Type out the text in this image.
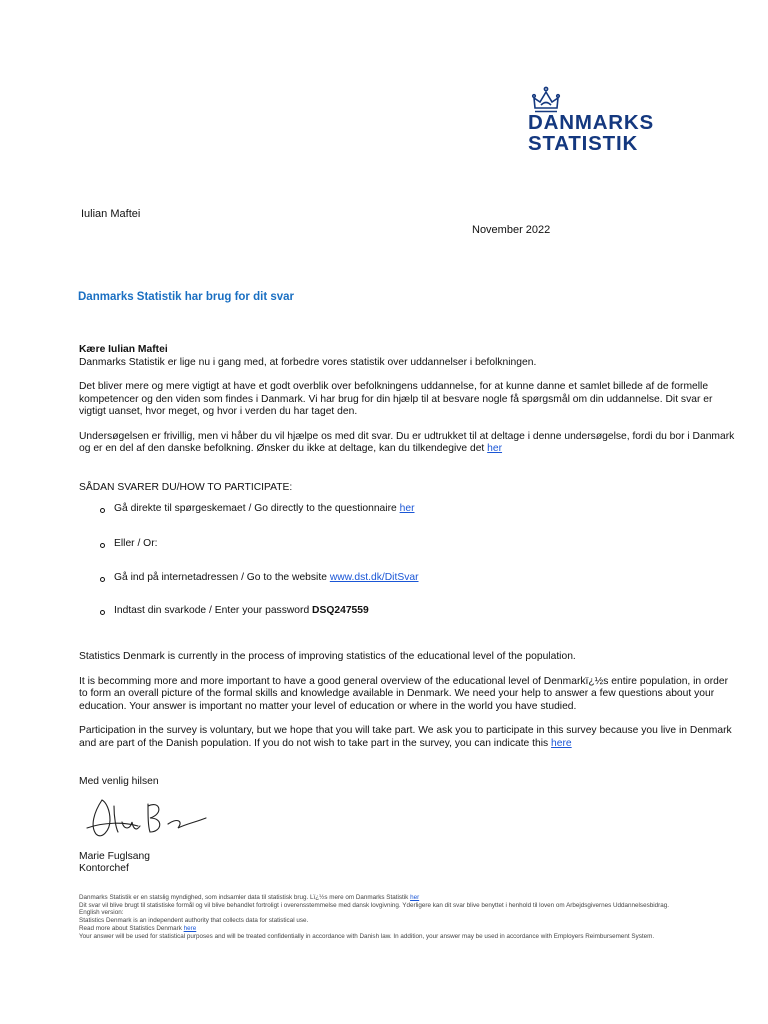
DANMARKS
STATISTIK
Iulian Maftei
November 2022
Danmarks Statistik har brug for dit svar

Kære Iulian Maftei

Danmarks Statistik er lige nu i gang med, at forbedre vores statistik over uddannelser i befolkningen.

Det bliver mere og mere vigtigt at have et godt overblik over befolkningens uddannelse, for at kunne danne et samlet billede af de formelle kompetencer og den viden som findes i Danmark. Vi har brug for din hjælp til at besvare nogle få spørgsmål om din uddannelse. Dit svar er vigtigt uanset, hvor meget, og hvor i verden du har taget den.

Undersøgelsen er frivillig, men vi håber du vil hjælpe os med dit svar. Du er udtrukket til at deltage i denne undersøgelse, fordi du bor i Danmark og er en del af den danske befolkning. Ønsker du ikke at deltage, kan du tilkendegive det her

SÅDAN SVARER DU/HOW TO PARTICIPATE:
Gå direkte til spørgeskemaet / Go directly to the questionnaire
her
Eller / Or:
Gå ind på internetadressen / Go to the website
www.dst.dk/DitSvar
Indtast din svarkode / Enter your password
DSQ247559

Statistics Denmark is currently in the process of improving statistics of the educational level of the population.

It is becomming more and more important to have a good general overview of the educational level of Denmarkï¿½s entire population, in order to form an overall picture of the formal skills and knowledge available in Denmark. We need your help to answer a few questions about your education. Your answer is important no matter your level of education or where in the world you have studied.

Participation in the survey is voluntary, but we hope that you will take part. We ask you to participate in this survey because you live in Denmark and are part of the Danish population. If you do not wish to take part in the survey, you can indicate this here

Med venlig hilsen
Marie Fuglsang
Kontorchef

Danmarks Statistik er en statslig myndighed, som indsamler data til statistisk brug. Lï¿½s mere om Danmarks Statistik her

Dit svar vil blive brugt til statistiske formål og vil blive behandlet fortroligt i overensstemmelse med dansk lovgivning. Yderligere kan dit svar blive benyttet i henhold til loven om Arbejdsgivernes Uddannelsesbidrag.

English version:

Statistics Denmark is an independent authority that collects data for statistical use.

Read more about Statistics Denmark here

Your answer will be used for statistical purposes and will be treated confidentially in accordance with Danish law. In addition, your answer may be used in accordance with Employers Reimbursement System.
